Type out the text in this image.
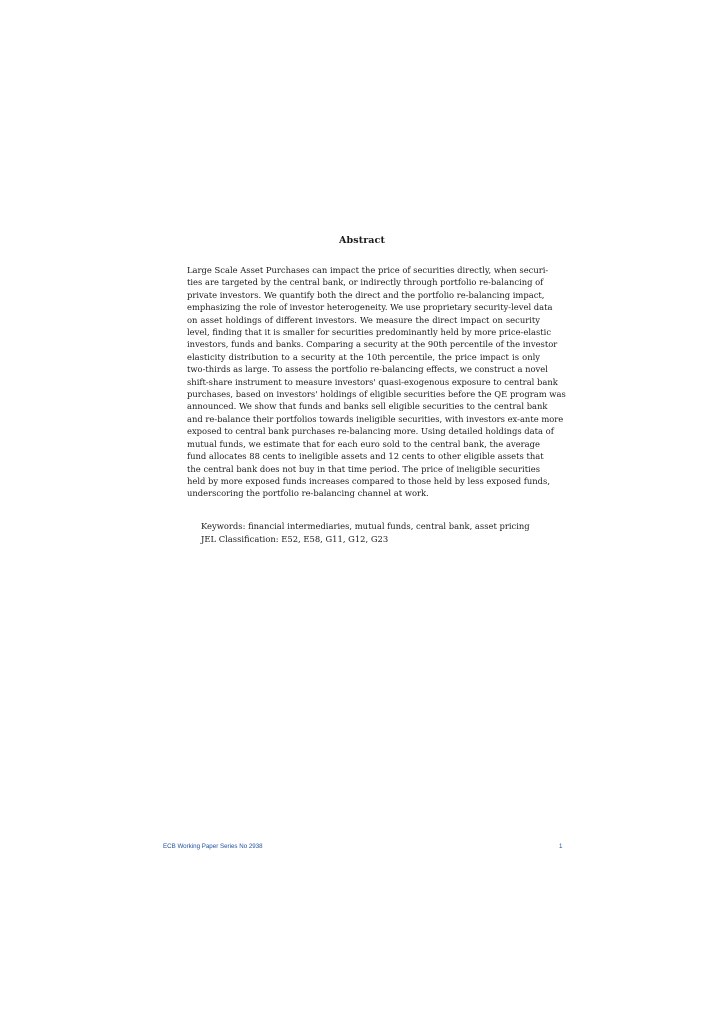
Abstract
Large Scale Asset Purchases can impact the price of securities directly, when securi-
ties are targeted by the central bank, or indirectly through portfolio re-balancing of
private investors. We quantify both the direct and the portfolio re-balancing impact,
emphasizing the role of investor heterogeneity. We use proprietary security-level data
on asset holdings of different investors. We measure the direct impact on security
level, finding that it is smaller for securities predominantly held by more price-elastic
investors, funds and banks. Comparing a security at the 90th percentile of the investor
elasticity distribution to a security at the 10th percentile, the price impact is only
two-thirds as large. To assess the portfolio re-balancing effects, we construct a novel
shift-share instrument to measure investors' quasi-exogenous exposure to central bank
purchases, based on investors' holdings of eligible securities before the QE program was
announced. We show that funds and banks sell eligible securities to the central bank
and re-balance their portfolios towards ineligible securities, with investors ex-ante more
exposed to central bank purchases re-balancing more. Using detailed holdings data of
mutual funds, we estimate that for each euro sold to the central bank, the average
fund allocates 88 cents to ineligible assets and 12 cents to other eligible assets that
the central bank does not buy in that time period. The price of ineligible securities
held by more exposed funds increases compared to those held by less exposed funds,
underscoring the portfolio re-balancing channel at work.
Keywords: financial intermediaries, mutual funds, central bank, asset pricing
JEL Classification: E52, E58, G11, G12, G23
ECB Working Paper Series No 2938	1
